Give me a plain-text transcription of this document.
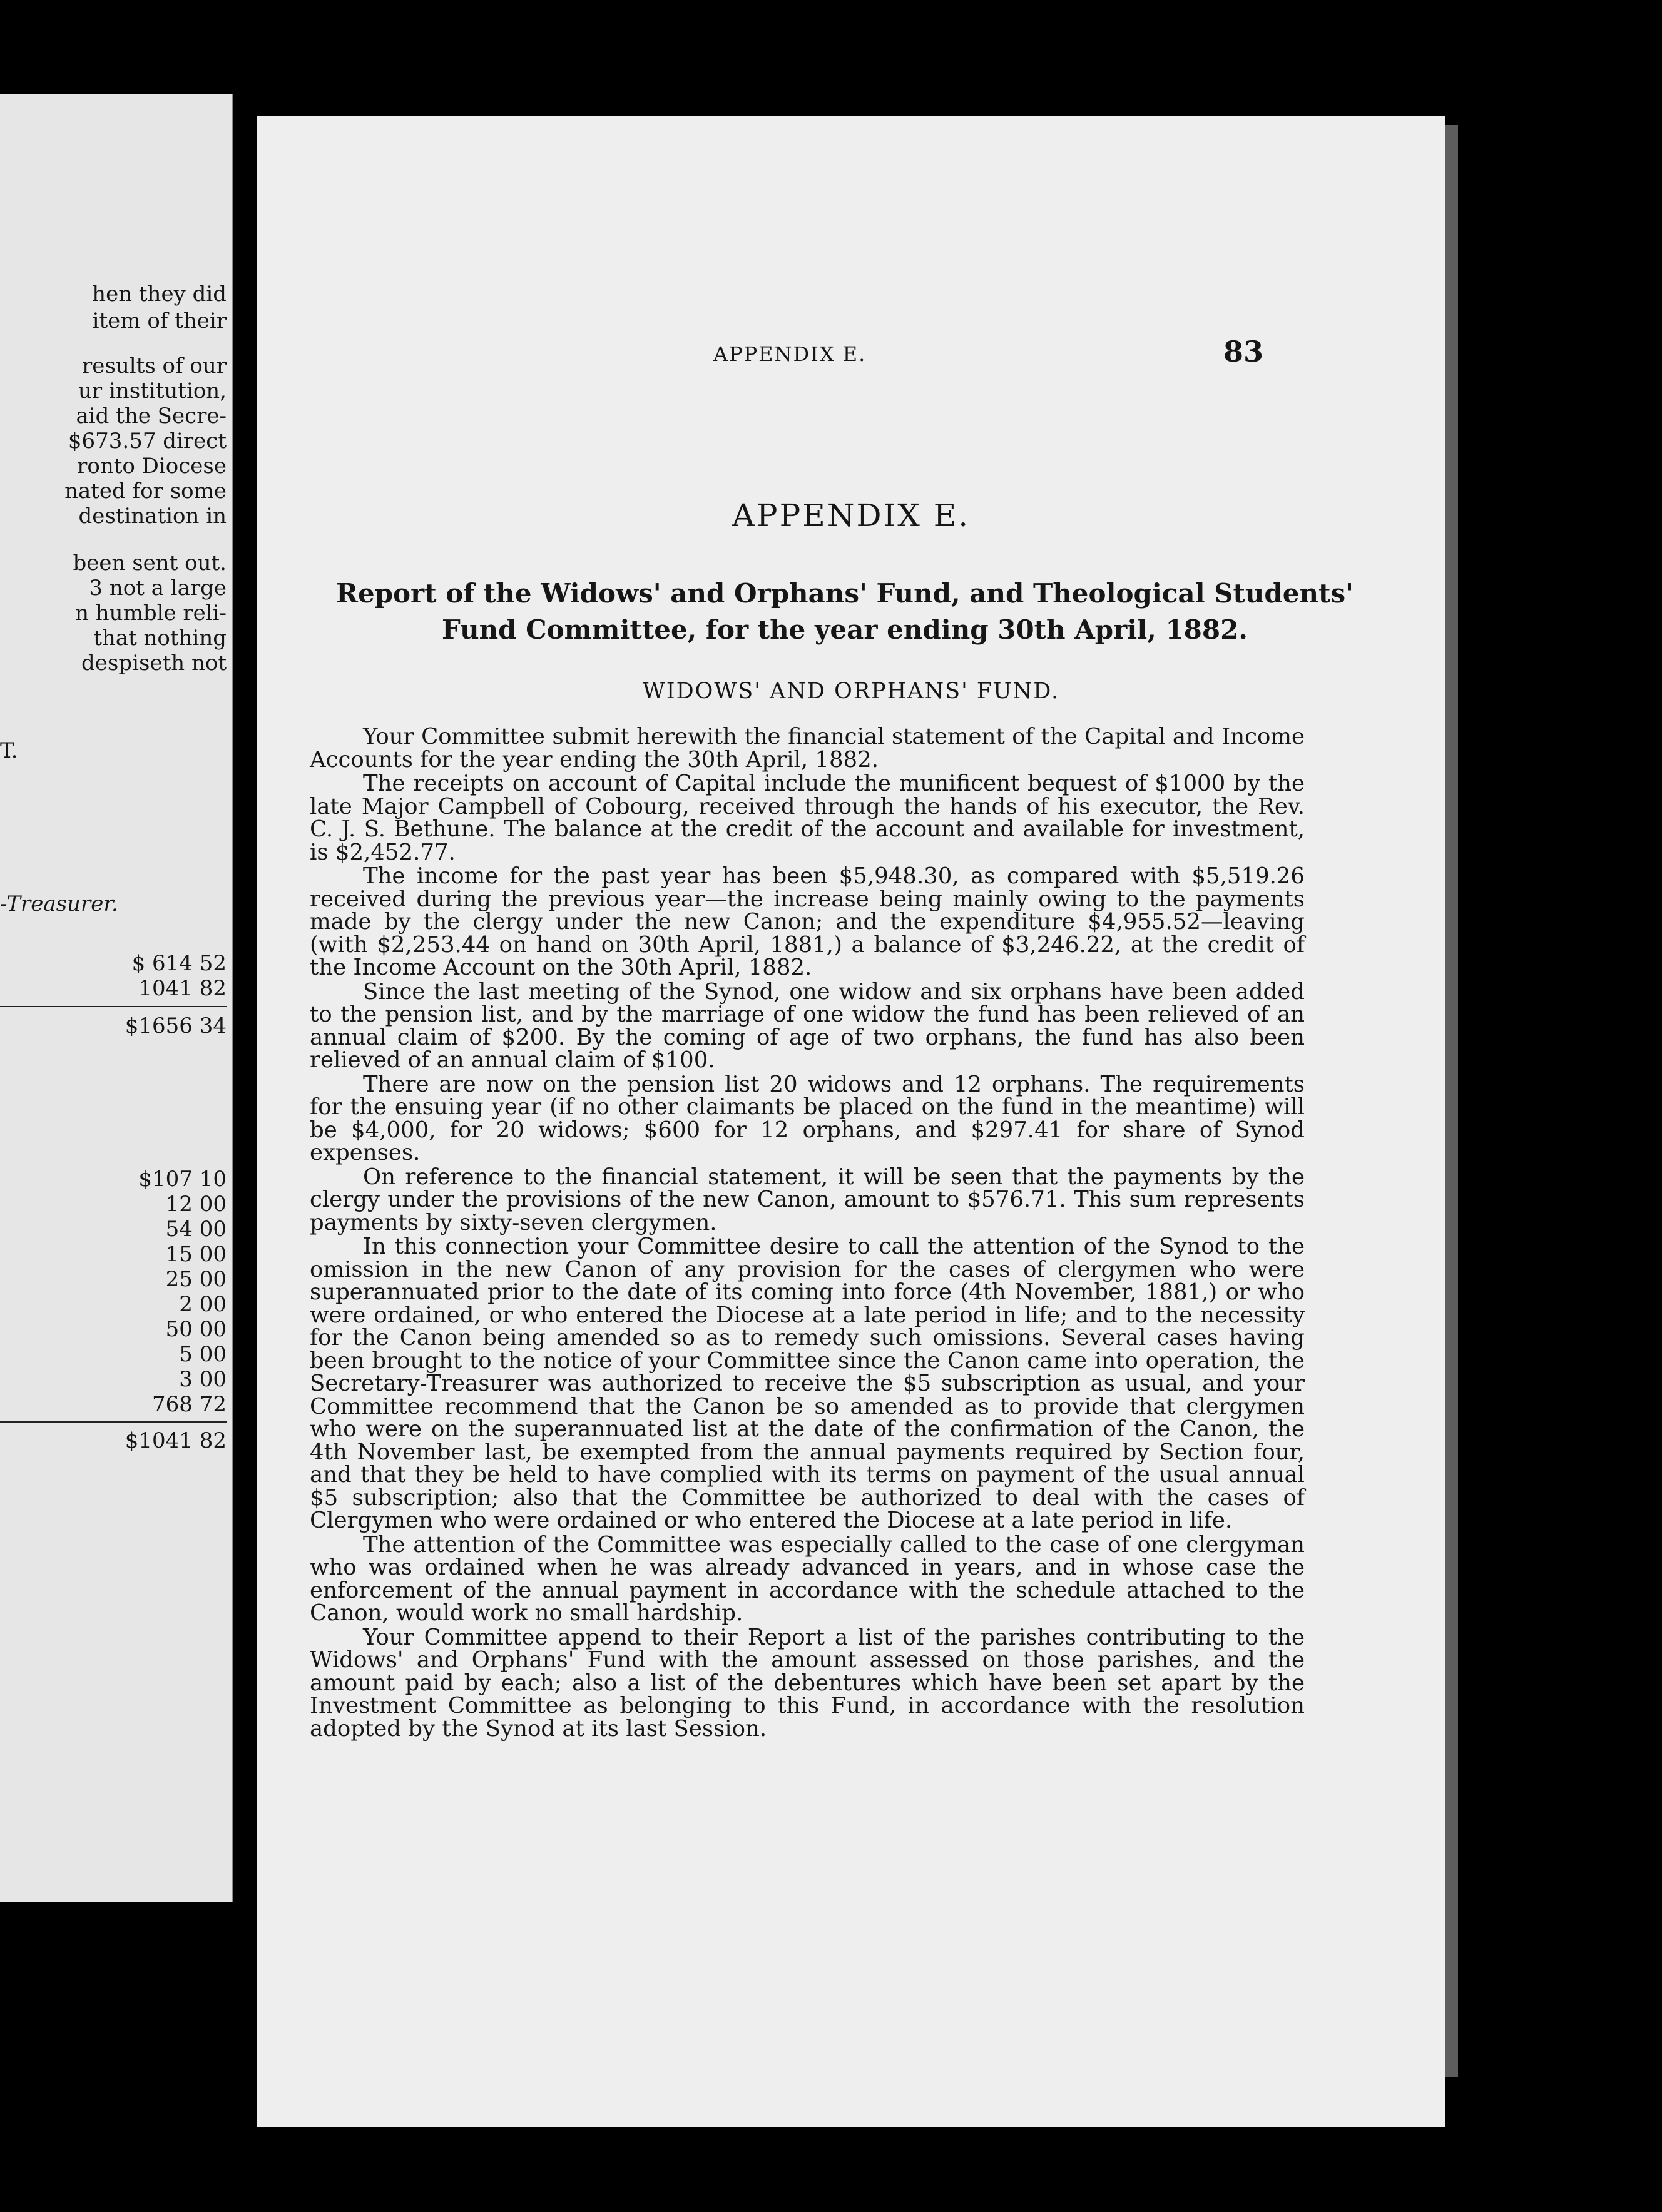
hen they did
item of their
results of our
ur institution,
aid the Secre-
$673.57 direct
ronto Diocese
nated for some
destination in
been sent out.
3 not a large
n humble reli-
that nothing
despiseth not
T.
-Treasurer.
$ 614 52
1041 82
$1656 34
$107 10
12 00
54 00
15 00
25 00
2 00
50 00
5 00
3 00
768 72
$1041 82
APPENDIX E.	83
APPENDIX E.
Report of the Widows' and Orphans' Fund, and Theological Students' Fund Committee, for the year ending 30th April, 1882.
WIDOWS' AND ORPHANS' FUND.

Your Committee submit herewith the financial statement of the Capital and Income Accounts for the year ending the 30th April, 1882.

The receipts on account of Capital include the munificent bequest of $1000 by the late Major Campbell of Cobourg, received through the hands of his executor, the Rev. C. J. S. Bethune. The balance at the credit of the account and available for investment, is $2,452.77.

The income for the past year has been $5,948.30, as compared with $5,519.26 received during the previous year—the increase being mainly owing to the payments made by the clergy under the new Canon; and the expenditure $4,955.52—leaving (with $2,253.44 on hand on 30th April, 1881,) a balance of $3,246.22, at the credit of the Income Account on the 30th April, 1882.

Since the last meeting of the Synod, one widow and six orphans have been added to the pension list, and by the marriage of one widow the fund has been relieved of an annual claim of $200. By the coming of age of two orphans, the fund has also been relieved of an annual claim of $100.

There are now on the pension list 20 widows and 12 orphans. The requirements for the ensuing year (if no other claimants be placed on the fund in the meantime) will be $4,000, for 20 widows; $600 for 12 orphans, and $297.41 for share of Synod expenses.

On reference to the financial statement, it will be seen that the payments by the clergy under the provisions of the new Canon, amount to $576.71. This sum represents payments by sixty-seven clergymen.

In this connection your Committee desire to call the attention of the Synod to the omission in the new Canon of any provision for the cases of clergymen who were superannuated prior to the date of its coming into force (4th November, 1881,) or who were ordained, or who entered the Diocese at a late period in life; and to the necessity for the Canon being amended so as to remedy such omissions. Several cases having been brought to the notice of your Committee since the Canon came into operation, the Secretary-Treasurer was authorized to receive the $5 subscription as usual, and your Committee recommend that the Canon be so amended as to provide that clergymen who were on the superannuated list at the date of the confirmation of the Canon, the 4th November last, be exempted from the annual payments required by Section four, and that they be held to have complied with its terms on payment of the usual annual $5 subscription; also that the Committee be authorized to deal with the cases of Clergymen who were ordained or who entered the Diocese at a late period in life.

The attention of the Committee was especially called to the case of one clergyman who was ordained when he was already advanced in years, and in whose case the enforcement of the annual payment in accordance with the schedule attached to the Canon, would work no small hardship.

Your Committee append to their Report a list of the parishes contributing to the Widows' and Orphans' Fund with the amount assessed on those parishes, and the amount paid by each; also a list of the debentures which have been set apart by the Investment Committee as belonging to this Fund, in accordance with the resolution adopted by the Synod at its last Session.
